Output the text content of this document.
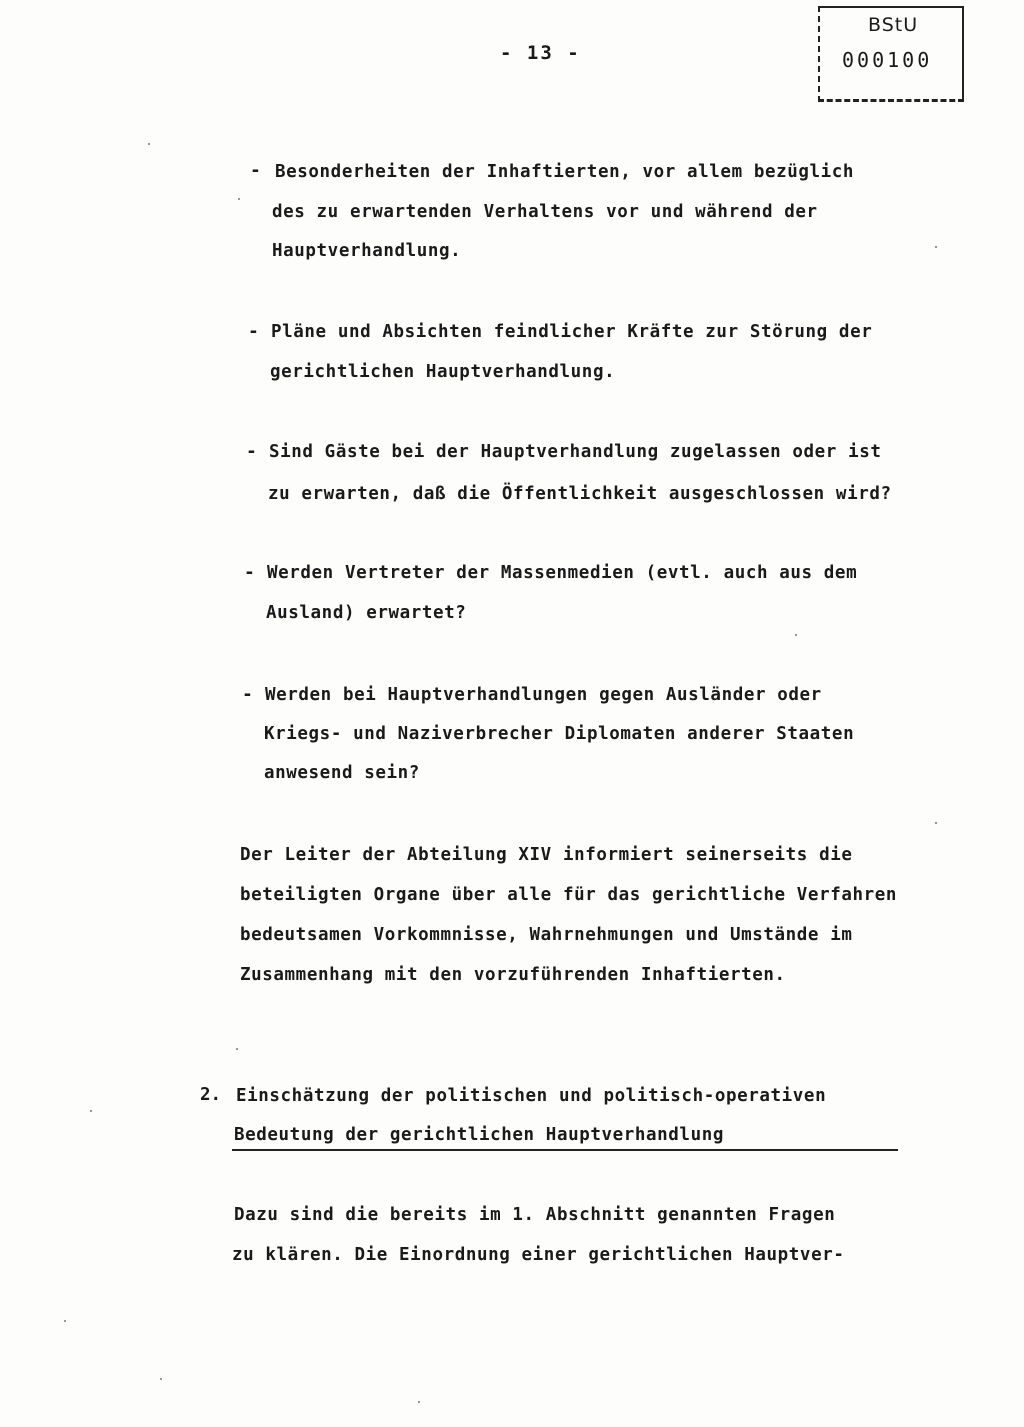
- 13 -
BStU
000100
- Besonderheiten der Inhaftierten, vor allem bezüglich
des zu erwartenden Verhaltens vor und während der
Hauptverhandlung.
- Pläne und Absichten feindlicher Kräfte zur Störung der
gerichtlichen Hauptverhandlung.
- Sind Gäste bei der Hauptverhandlung zugelassen oder ist
zu erwarten, daß die Öffentlichkeit ausgeschlossen wird?
- Werden Vertreter der Massenmedien (evtl. auch aus dem
Ausland) erwartet?
- Werden bei Hauptverhandlungen gegen Ausländer oder
Kriegs- und Naziverbrecher Diplomaten anderer Staaten
anwesend sein?
Der Leiter der Abteilung XIV informiert seinerseits die
beteiligten Organe über alle für das gerichtliche Verfahren
bedeutsamen Vorkommnisse, Wahrnehmungen und Umstände im
Zusammenhang mit den vorzuführenden Inhaftierten.
2. Einschätzung der politischen und politisch-operativen
Bedeutung der gerichtlichen Hauptverhandlung
Dazu sind die bereits im 1. Abschnitt genannten Fragen
zu klären. Die Einordnung einer gerichtlichen Hauptver-
